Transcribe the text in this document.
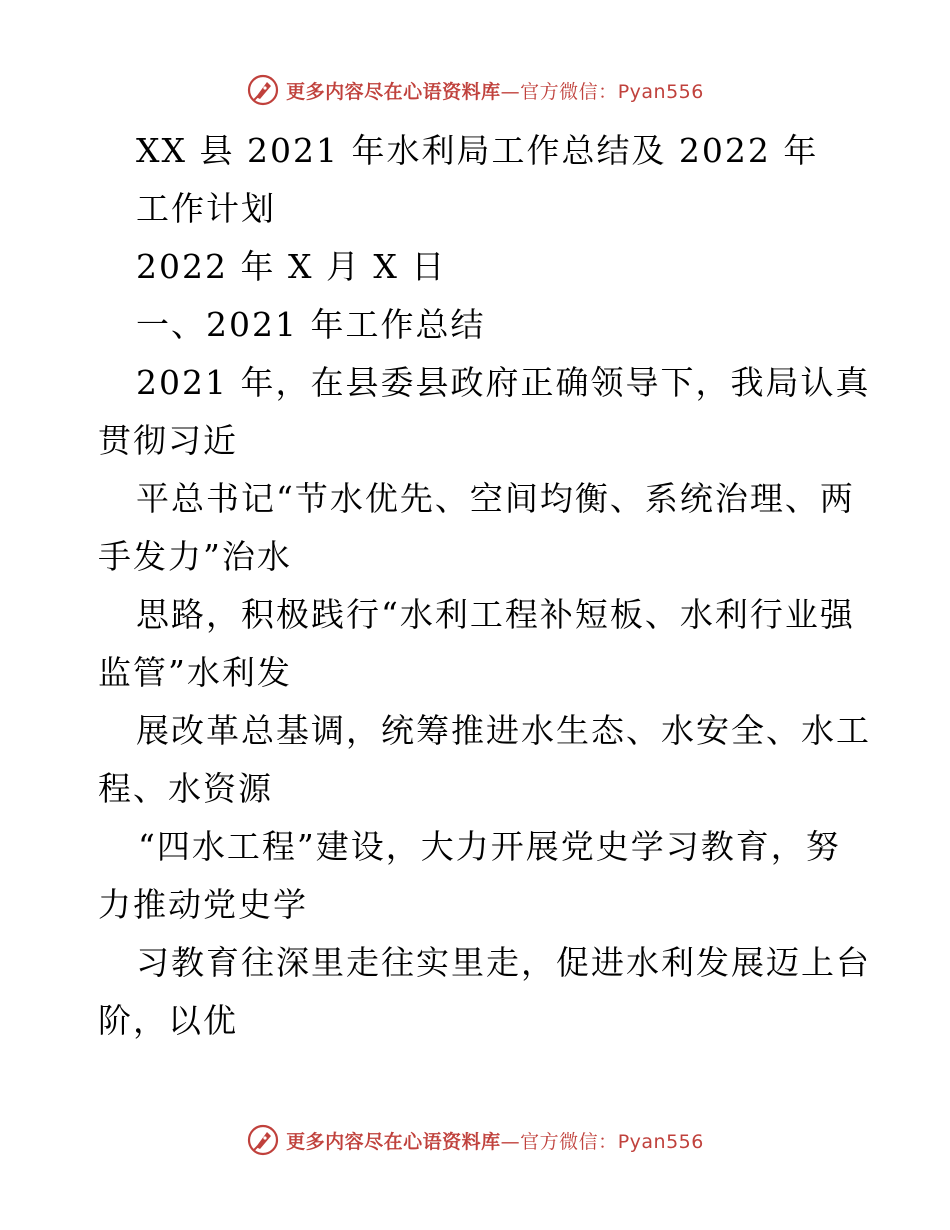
更多内容尽在心语资料库—官方微信：Pyan556
XX 县 2021 年水利局工作总结及 2022 年
工作计划
2022 年 X 月 X 日
一、2021 年工作总结
2021 年，在县委县政府正确领导下，我局认真
贯彻习近
平总书记“节水优先、空间均衡、系统治理、两
手发力”治水
思路，积极践行“水利工程补短板、水利行业强
监管”水利发
展改革总基调，统筹推进水生态、水安全、水工
程、水资源
“四水工程”建设，大力开展党史学习教育，努
力推动党史学
习教育往深里走往实里走，促进水利发展迈上台
阶，以优
更多内容尽在心语资料库—官方微信：Pyan556
